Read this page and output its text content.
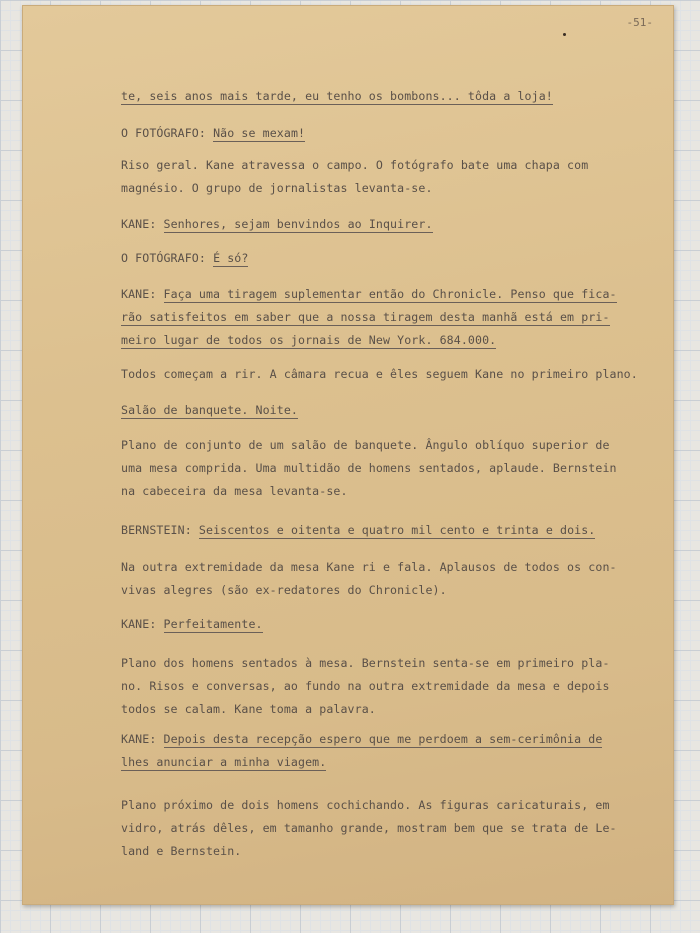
-51-
te, seis anos mais tarde, eu tenho os bombons... tôda a loja!
O FOTÓGRAFO: Não se mexam!
Riso geral. Kane atravessa o campo. O fotógrafo bate uma chapa com
magnésio. O grupo de jornalistas levanta-se.
KANE: Senhores, sejam benvindos ao Inquirer.
O FOTÓGRAFO: É só?
KANE: Faça uma tiragem suplementar então do Chronicle. Penso que fica-
rão satisfeitos em saber que a nossa tiragem desta manhã está em pri-
meiro lugar de todos os jornais de New York. 684.000.
Todos começam a rir. A câmara recua e êles seguem Kane no primeiro plano.
Salão de banquete. Noite.
Plano de conjunto de um salão de banquete. Ângulo oblíquo superior de
uma mesa comprida. Uma multidão de homens sentados, aplaude. Bernstein
na cabeceira da mesa levanta-se.
BERNSTEIN: Seiscentos e oitenta e quatro mil cento e trinta e dois.
Na outra extremidade da mesa Kane ri e fala. Aplausos de todos os con-
vivas alegres (são ex-redatores do Chronicle).
KANE: Perfeitamente.
Plano dos homens sentados à mesa. Bernstein senta-se em primeiro pla-
no. Risos e conversas, ao fundo na outra extremidade da mesa e depois
todos se calam. Kane toma a palavra.
KANE: Depois desta recepção espero que me perdoem a sem-cerimônia de
lhes anunciar a minha viagem.
Plano próximo de dois homens cochichando. As figuras caricaturais, em
vidro, atrás dêles, em tamanho grande, mostram bem que se trata de Le-
land e Bernstein.
